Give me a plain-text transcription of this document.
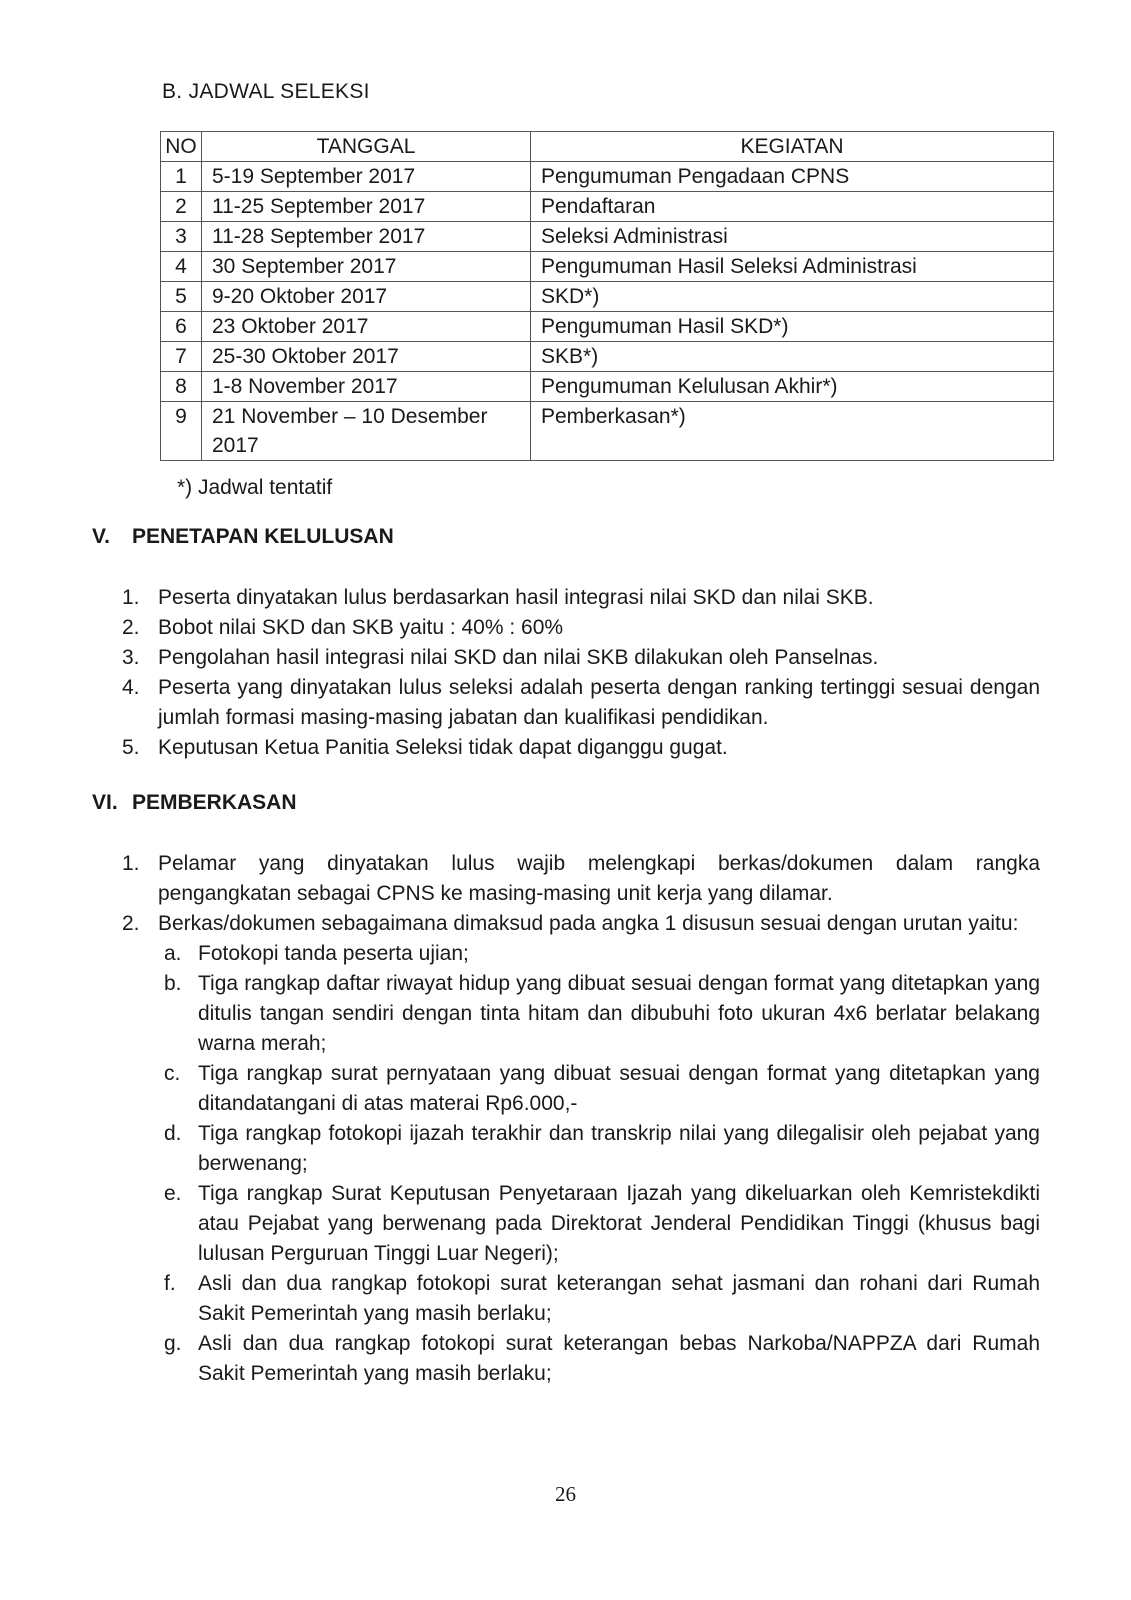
B. JADWAL SELEKSI
NO	TANGGAL	KEGIATAN
1	5-19 September 2017	Pengumuman Pengadaan CPNS
2	11-25 September 2017	Pendaftaran
3	11-28 September 2017	Seleksi Administrasi
4	30 September 2017	Pengumuman Hasil Seleksi Administrasi
5	9-20 Oktober 2017	SKD*)
6	23 Oktober 2017	Pengumuman Hasil SKD*)
7	25-30 Oktober 2017	SKB*)
8	1-8 November 2017	Pengumuman Kelulusan Akhir*)
9	21 November – 10 Desember 2017	Pemberkasan*)
*) Jadwal tentatif
V. PENETAPAN KELULUSAN
1. Peserta dinyatakan lulus berdasarkan hasil integrasi nilai SKD dan nilai SKB.
2. Bobot nilai SKD dan SKB yaitu : 40% : 60%
3. Pengolahan hasil integrasi nilai SKD dan nilai SKB dilakukan oleh Panselnas.
4. Peserta yang dinyatakan lulus seleksi adalah peserta dengan ranking tertinggi sesuai dengan jumlah formasi masing-masing jabatan dan kualifikasi pendidikan.
5. Keputusan Ketua Panitia Seleksi tidak dapat diganggu gugat.
VI. PEMBERKASAN
1. Pelamar yang dinyatakan lulus wajib melengkapi berkas/dokumen dalam rangka pengangkatan sebagai CPNS ke masing-masing unit kerja yang dilamar.
2. Berkas/dokumen sebagaimana dimaksud pada angka 1 disusun sesuai dengan urutan yaitu:
a. Fotokopi tanda peserta ujian;
b. Tiga rangkap daftar riwayat hidup yang dibuat sesuai dengan format yang ditetapkan yang ditulis tangan sendiri dengan tinta hitam dan dibubuhi foto ukuran 4x6 berlatar belakang warna merah;
c. Tiga rangkap surat pernyataan yang dibuat sesuai dengan format yang ditetapkan yang ditandatangani di atas materai Rp6.000,-
d. Tiga rangkap fotokopi ijazah terakhir dan transkrip nilai yang dilegalisir oleh pejabat yang berwenang;
e. Tiga rangkap Surat Keputusan Penyetaraan Ijazah yang dikeluarkan oleh Kemristekdikti atau Pejabat yang berwenang pada Direktorat Jenderal Pendidikan Tinggi (khusus bagi lulusan Perguruan Tinggi Luar Negeri);
f. Asli dan dua rangkap fotokopi surat keterangan sehat jasmani dan rohani dari Rumah Sakit Pemerintah yang masih berlaku;
g. Asli dan dua rangkap fotokopi surat keterangan bebas Narkoba/NAPPZA dari Rumah Sakit Pemerintah yang masih berlaku;
26
